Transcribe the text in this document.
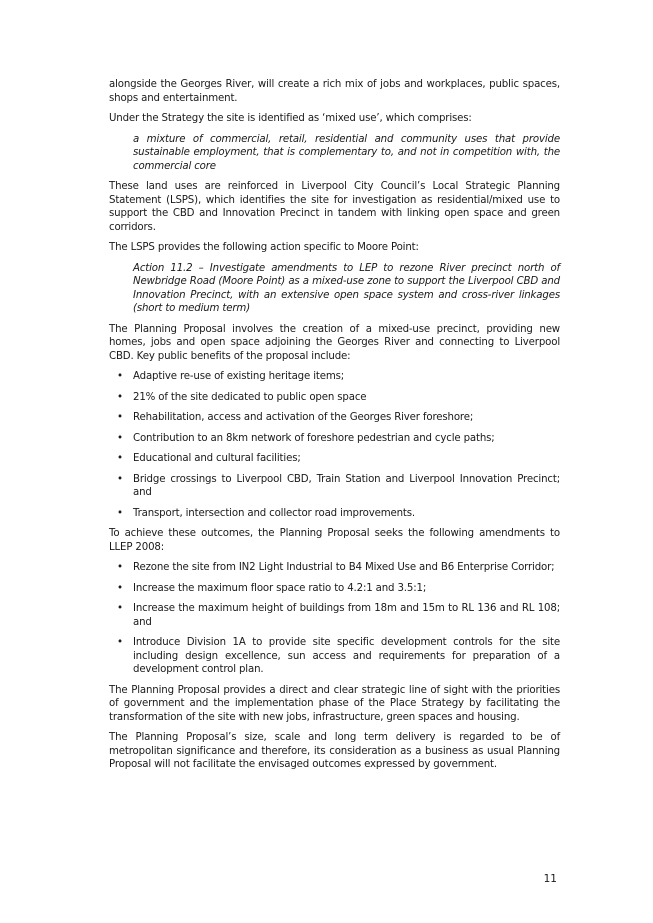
alongside the Georges River, will create a rich mix of jobs and workplaces, public spaces, shops and entertainment.

Under the Strategy the site is identified as ‘mixed use’, which comprises:

a mixture of commercial, retail, residential and community uses that provide sustainable employment, that is complementary to, and not in competition with, the commercial core

These land uses are reinforced in Liverpool City Council’s Local Strategic Planning Statement (LSPS), which identifies the site for investigation as residential/mixed use to support the CBD and Innovation Precinct in tandem with linking open space and green corridors.

The LSPS provides the following action specific to Moore Point:

Action 11.2 – Investigate amendments to LEP to rezone River precinct north of Newbridge Road (Moore Point) as a mixed-use zone to support the Liverpool CBD and Innovation Precinct, with an extensive open space system and cross-river linkages (short to medium term)

The Planning Proposal involves the creation of a mixed-use precinct, providing new homes, jobs and open space adjoining the Georges River and connecting to Liverpool CBD. Key public benefits of the proposal include:

• Adaptive re-use of existing heritage items;
• 21% of the site dedicated to public open space
• Rehabilitation, access and activation of the Georges River foreshore;
• Contribution to an 8km network of foreshore pedestrian and cycle paths;
• Educational and cultural facilities;
• Bridge crossings to Liverpool CBD, Train Station and Liverpool Innovation Precinct; and
• Transport, intersection and collector road improvements.

To achieve these outcomes, the Planning Proposal seeks the following amendments to LLEP 2008:

• Rezone the site from IN2 Light Industrial to B4 Mixed Use and B6 Enterprise Corridor;
• Increase the maximum floor space ratio to 4.2:1 and 3.5:1;
• Increase the maximum height of buildings from 18m and 15m to RL 136 and RL 108; and
• Introduce Division 1A to provide site specific development controls for the site including design excellence, sun access and requirements for preparation of a development control plan.

The Planning Proposal provides a direct and clear strategic line of sight with the priorities of government and the implementation phase of the Place Strategy by facilitating the transformation of the site with new jobs, infrastructure, green spaces and housing.

The Planning Proposal’s size, scale and long term delivery is regarded to be of metropolitan significance and therefore, its consideration as a business as usual Planning Proposal will not facilitate the envisaged outcomes expressed by government.

11
